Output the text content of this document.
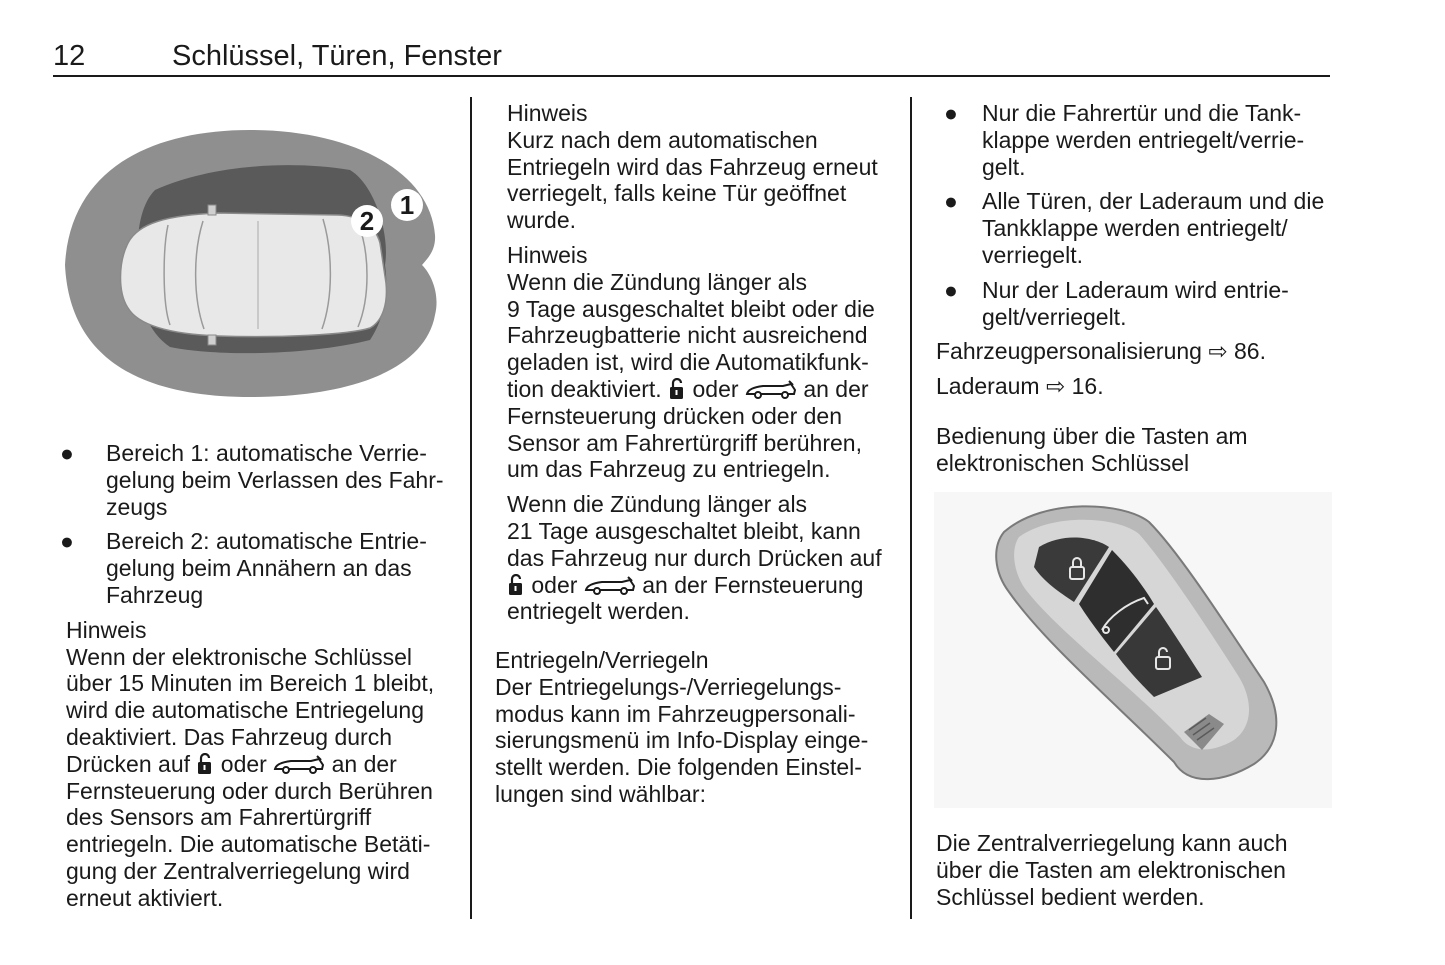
12	Schlüssel, Türen, Fenster
2
1
● Bereich 1: automatische Verrie-
gelung beim Verlassen des Fahr-
zeugs
● Bereich 2: automatische Entrie-
gelung beim Annähern an das
Fahrzeug
Hinweis
Wenn der elektronische Schlüssel
über 15 Minuten im Bereich 1 bleibt,
wird die automatische Entriegelung
deaktiviert. Das Fahrzeug durch
Drücken auf oder	an der
Fernsteuerung oder durch Berühren
des Sensors am Fahrertürgriff
entriegeln. Die automatische Betäti-
gung der Zentralverriegelung wird
erneut aktiviert.
Hinweis
Kurz nach dem automatischen
Entriegeln wird das Fahrzeug erneut
verriegelt, falls keine Tür geöffnet
wurde.
Hinweis
Wenn die Zündung länger als
9 Tage ausgeschaltet bleibt oder die
Fahrzeugbatterie nicht ausreichend
geladen ist, wird die Automatikfunk-
tion deaktiviert. oder	an der
Fernsteuerung drücken oder den
Sensor am Fahrertürgriff berühren,
um das Fahrzeug zu entriegeln.
Wenn die Zündung länger als
21 Tage ausgeschaltet bleibt, kann
das Fahrzeug nur durch Drücken auf
oder	an der Fernsteuerung
entriegelt werden.
Entriegeln/Verriegeln
Der Entriegelungs-/Verriegelungs-
modus kann im Fahrzeugpersonali-
sierungsmenü im Info-Display einge-
stellt werden. Die folgenden Einstel-
lungen sind wählbar:
● Nur die Fahrertür und die Tank-
klappe werden entriegelt/verrie-
gelt.
● Alle Türen, der Laderaum und die
Tankklappe werden entriegelt/
verriegelt.
● Nur der Laderaum wird entrie-
gelt/verriegelt.
Fahrzeugpersonalisierung ⇨ 86.
Laderaum ⇨ 16.
Bedienung über die Tasten am
elektronischen Schlüssel
Die Zentralverriegelung kann auch
über die Tasten am elektronischen
Schlüssel bedient werden.
